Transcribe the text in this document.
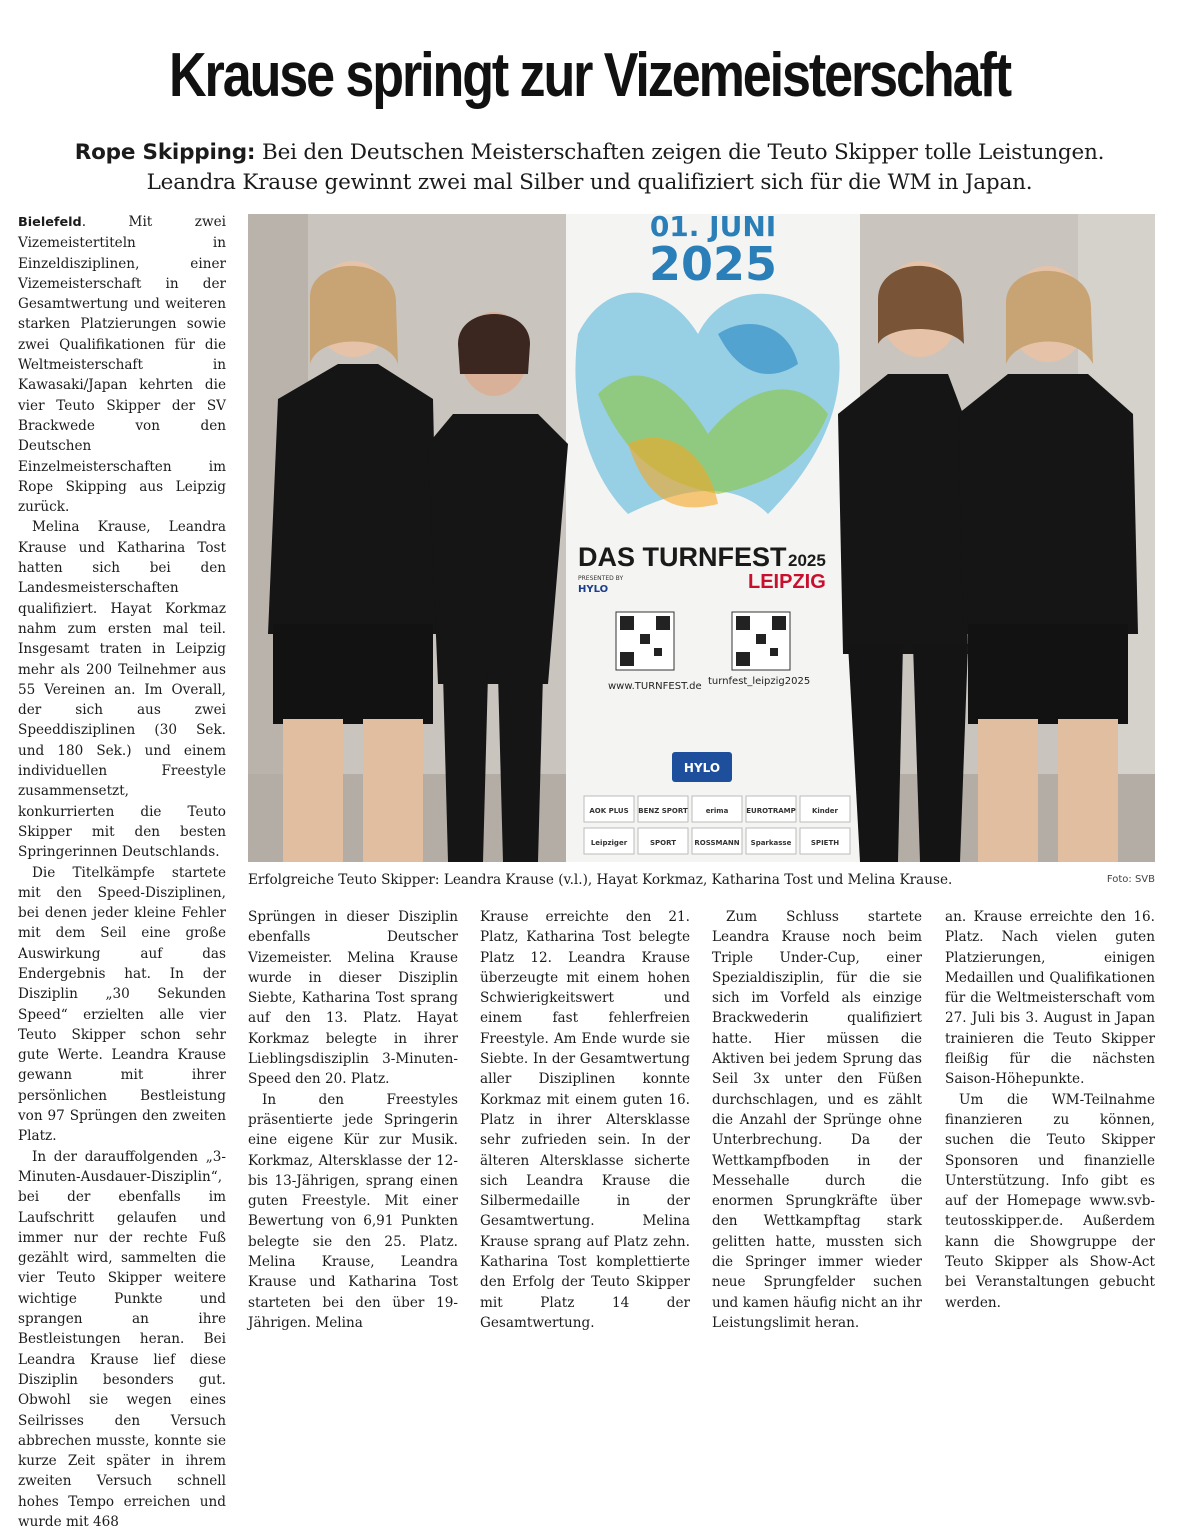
Krause springt zur Vizemeisterschaft
Rope Skipping: Bei den Deutschen Meisterschaften zeigen die Teuto Skipper tolle Leistungen.
Leandra Krause gewinnt zwei mal Silber und qualifiziert sich für die WM in Japan.

Bielefeld. Mit zwei Vizemeistertiteln in Einzeldisziplinen, einer Vizemeisterschaft in der Gesamtwertung und weiteren starken Platzierungen sowie zwei Qualifikationen für die Weltmeisterschaft in Kawasaki/Japan kehrten die vier Teuto Skipper der SV Brackwede von den Deutschen Einzelmeisterschaften im Rope Skipping aus Leipzig zurück.

Melina Krause, Leandra Krause und Katharina Tost hatten sich bei den Landesmeisterschaften qualifiziert. Hayat Korkmaz nahm zum ersten mal teil. Insgesamt traten in Leipzig mehr als 200 Teilnehmer aus 55 Vereinen an. Im Overall, der sich aus zwei Speeddisziplinen (30 Sek. und 180 Sek.) und einem individuellen Freestyle zusammensetzt, konkurrierten die Teuto Skipper mit den besten Springerinnen Deutschlands.

Die Titelkämpfe startete mit den Speed-Disziplinen, bei denen jeder kleine Fehler mit dem Seil eine große Auswirkung auf das Endergebnis hat. In der Disziplin „30 Sekunden Speed“ erzielten alle vier Teuto Skipper schon sehr gute Werte. Leandra Krause gewann mit ihrer persönlichen Bestleistung von 97 Sprüngen den zweiten Platz.

In der darauffolgenden „3-Minuten-Ausdauer-Disziplin“, bei der ebenfalls im Laufschritt gelaufen und immer nur der rechte Fuß gezählt wird, sammelten die vier Teuto Skipper weitere wichtige Punkte und sprangen an ihre Bestleistungen heran. Bei Leandra Krause lief diese Disziplin besonders gut. Obwohl sie wegen eines Seilrisses den Versuch abbrechen musste, konnte sie kurze Zeit später in ihrem zweiten Versuch schnell hohes Tempo erreichen und wurde mit 468

01. JUNI
2025
DAS TURNFEST 2025
PRESENTED BY
HYLO	LEIPZIG
www.TURNFEST.de turnfest_leipzig2025
HYLO
AOK PLUS BENZ SPORT	erima	EUROTRAMP Kinder
Leipziger	SPORT	ROSSMANN Sparkasse	SPIETH
Erfolgreiche Teuto Skipper: Leandra Krause (v.l.), Hayat Korkmaz, Katharina Tost und Melina Krause.	Foto: SVB

Sprüngen in dieser Disziplin ebenfalls Deutscher Vizemeister. Melina Krause wurde in dieser Disziplin Siebte, Katharina Tost sprang auf den 13. Platz. Hayat Korkmaz belegte in ihrer Lieblingsdisziplin 3-Minuten-Speed den 20. Platz.

In den Freestyles präsentierte jede Springerin eine eigene Kür zur Musik. Korkmaz, Altersklasse der 12- bis 13-Jährigen, sprang einen guten Freestyle. Mit einer Bewertung von 6,91 Punkten belegte sie den 25. Platz. Melina Krause, Leandra Krause und Katharina Tost starteten bei den über 19-Jährigen. Melina

Krause erreichte den 21. Platz, Katharina Tost belegte Platz 12. Leandra Krause überzeugte mit einem hohen Schwierigkeitswert und einem fast fehlerfreien Freestyle. Am Ende wurde sie Siebte. In der Gesamtwertung aller Disziplinen konnte Korkmaz mit einem guten 16. Platz in ihrer Altersklasse sehr zufrieden sein. In der älteren Altersklasse sicherte sich Leandra Krause die Silbermedaille in der Gesamtwertung. Melina Krause sprang auf Platz zehn. Katharina Tost komplettierte den Erfolg der Teuto Skipper mit Platz 14 der Gesamtwertung.

Zum Schluss startete Leandra Krause noch beim Triple Under-Cup, einer Spezialdisziplin, für die sie sich im Vorfeld als einzige Brackwederin qualifiziert hatte. Hier müssen die Aktiven bei jedem Sprung das Seil 3x unter den Füßen durchschlagen, und es zählt die Anzahl der Sprünge ohne Unterbrechung. Da der Wettkampfboden in der Messehalle durch die enormen Sprungkräfte über den Wettkampftag stark gelitten hatte, mussten sich die Springer immer wieder neue Sprungfelder suchen und kamen häufig nicht an ihr Leistungslimit heran.

an. Krause erreichte den 16. Platz. Nach vielen guten Platzierungen, einigen Medaillen und Qualifikationen für die Weltmeisterschaft vom 27. Juli bis 3. August in Japan trainieren die Teuto Skipper fleißig für die nächsten Saison-Höhepunkte.

Um die WM-Teilnahme finanzieren zu können, suchen die Teuto Skipper Sponsoren und finanzielle Unterstützung. Info gibt es auf der Homepage www.svb-teutosskipper.de. Außerdem kann die Showgruppe der Teuto Skipper als Show-Act bei Veranstaltungen gebucht werden.
